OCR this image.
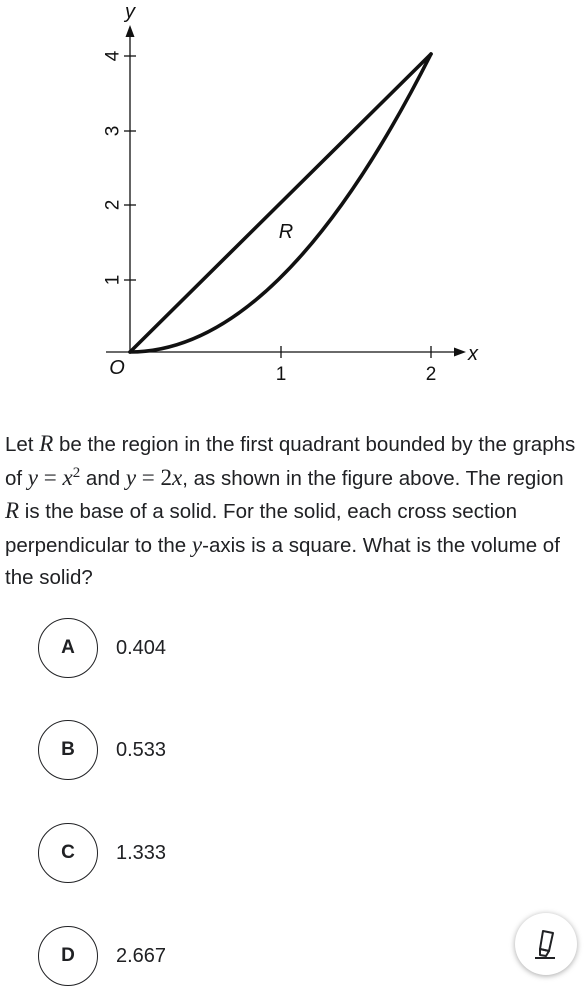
1
2
3
4
1	2
y
x
O
R
Let R be the region in the first quadrant bounded by the graphs of $y = x^2$ and y = 2x, as shown in the figure above. The region R is the base of a solid. For the solid, each cross section perpendicular to the y-axis is a square. What is the volume of the solid?
A	0.404
B	0.533
C	1.333
D	2.667
